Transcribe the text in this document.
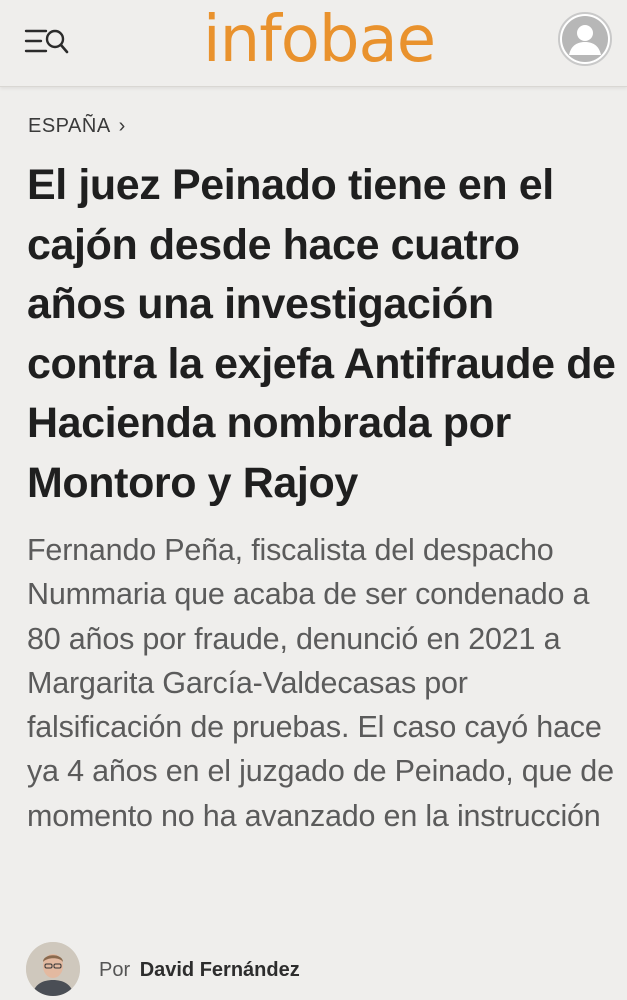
infobae
ESPAÑA ›
El juez Peinado tiene en el cajón desde hace cuatro años una investigación contra la exjefa Antifraude de Hacienda nombrada por Montoro y Rajoy
Fernando Peña, fiscalista del despacho Nummaria que acaba de ser condenado a 80 años por fraude, denunció en 2021 a Margarita García-Valdecasas por falsificación de pruebas. El caso cayó hace ya 4 años en el juzgado de Peinado, que de momento no ha avanzado en la instrucción
Por David Fernández
